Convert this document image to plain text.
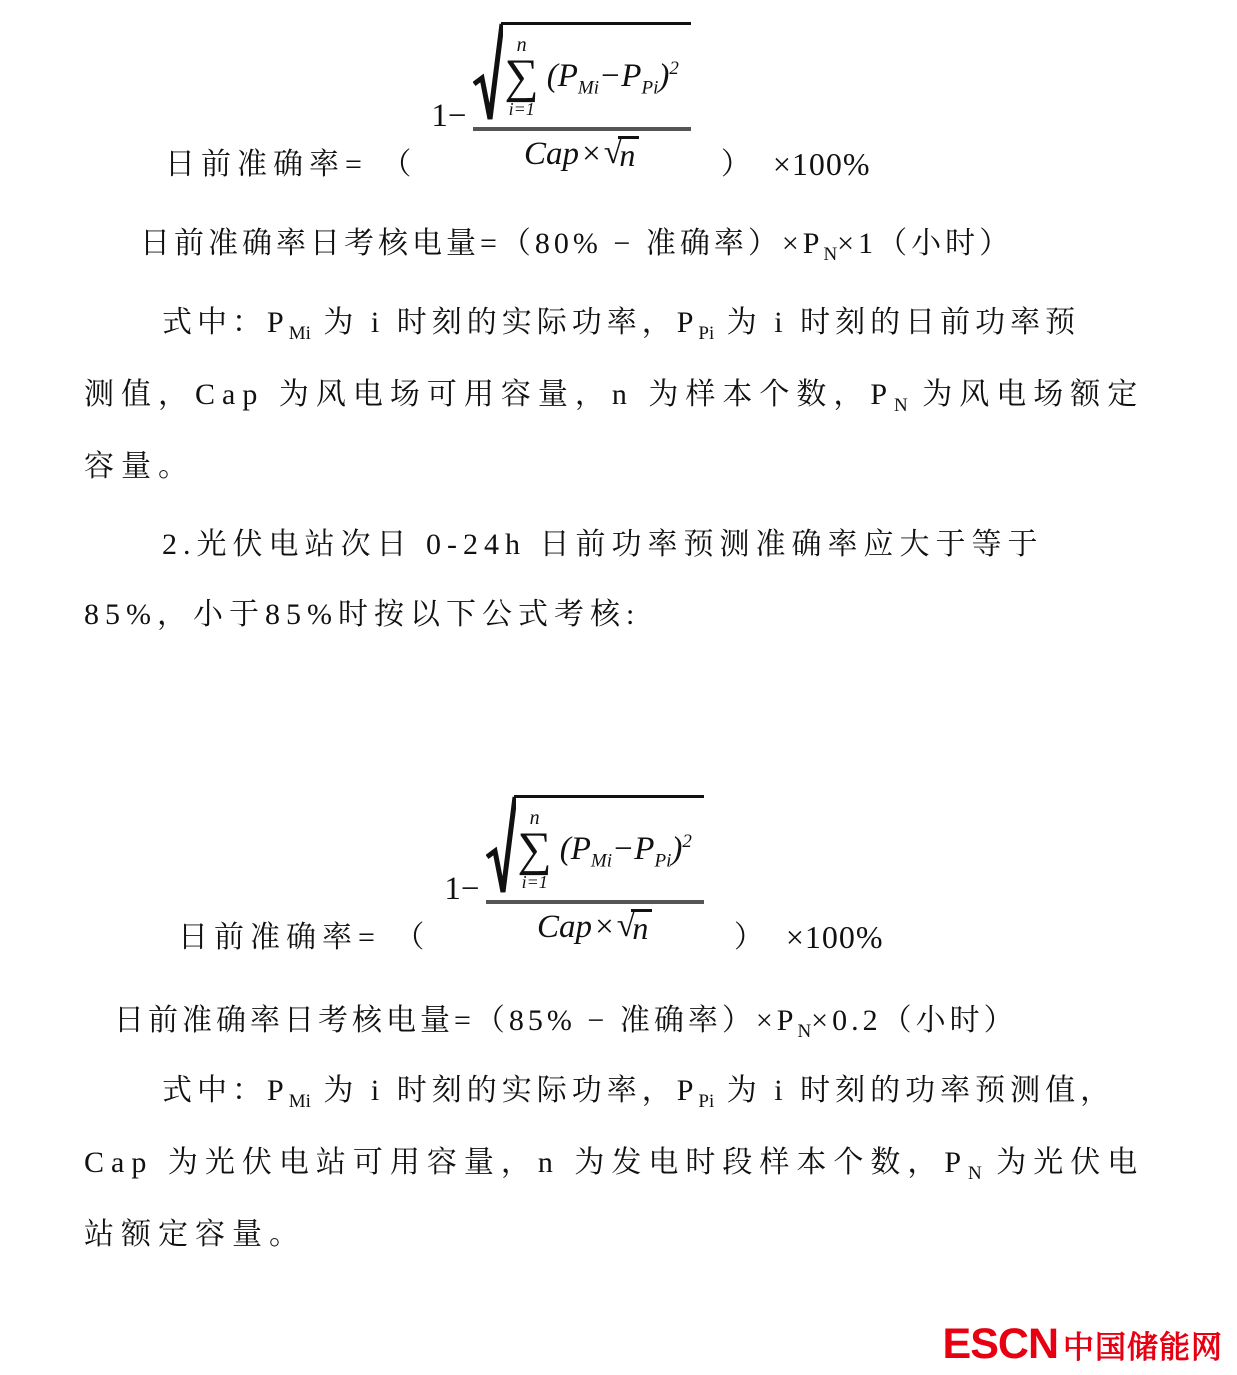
日前准确率= （
1−
n
∑
i=1
$(P_{Mi}-P_{Pi})^2$
Cap × √
n	） ×100%
日前准确率日考核电量=（80% − 准确率）$\times P_N\times 1$（小时）
式中：$P_{Mi}$ 为 i 时刻的实际功率，$P_{Pi}$ 为 i 时刻的日前功率预
测值，Cap 为风电场可用容量，n 为样本个数，$P_N$ 为风电场额定
容量。
2.光伏电站次日 0-24h 日前功率预测准确率应大于等于
85%，小于85%时按以下公式考核:
日前准确率= （
1−
n
∑
i=1
$(P_{Mi}-P_{Pi})^2$
Cap × √
n	） ×100%
日前准确率日考核电量=（85% − 准确率）$\times P_N\times 0.2$（小时）
式中：$P_{Mi}$ 为 i 时刻的实际功率，$P_{Pi}$ 为 i 时刻的功率预测值，
Cap 为光伏电站可用容量，n 为发电时段样本个数，$P_N$ 为光伏电
站额定容量。
ESCN 中国储能网
